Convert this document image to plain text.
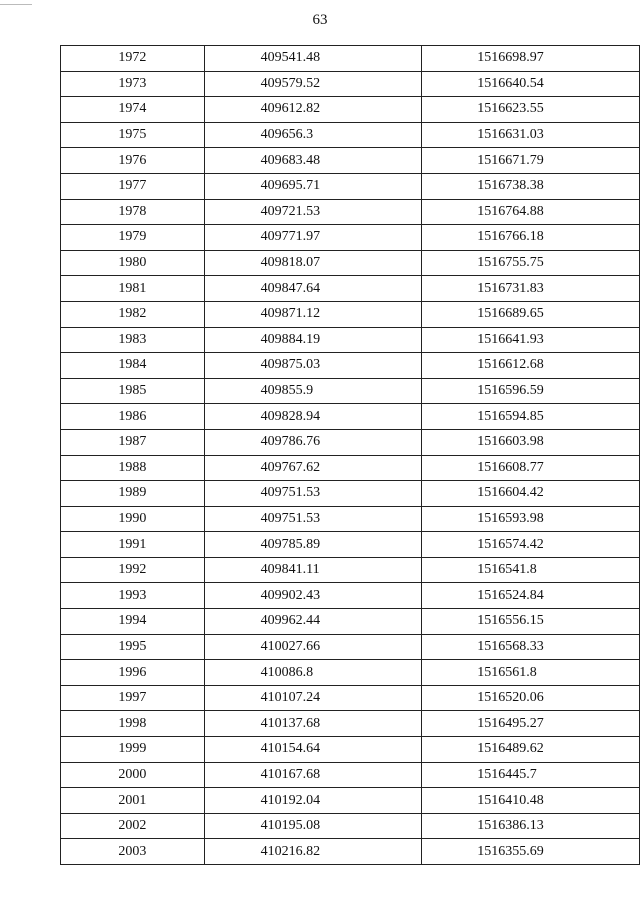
63
1972	409541.48	1516698.97
1973	409579.52	1516640.54
1974	409612.82	1516623.55
1975	409656.3	1516631.03
1976	409683.48	1516671.79
1977	409695.71	1516738.38
1978	409721.53	1516764.88
1979	409771.97	1516766.18
1980	409818.07	1516755.75
1981	409847.64	1516731.83
1982	409871.12	1516689.65
1983	409884.19	1516641.93
1984	409875.03	1516612.68
1985	409855.9	1516596.59
1986	409828.94	1516594.85
1987	409786.76	1516603.98
1988	409767.62	1516608.77
1989	409751.53	1516604.42
1990	409751.53	1516593.98
1991	409785.89	1516574.42
1992	409841.11	1516541.8
1993	409902.43	1516524.84
1994	409962.44	1516556.15
1995	410027.66	1516568.33
1996	410086.8	1516561.8
1997	410107.24	1516520.06
1998	410137.68	1516495.27
1999	410154.64	1516489.62
2000	410167.68	1516445.7
2001	410192.04	1516410.48
2002	410195.08	1516386.13
2003	410216.82	1516355.69
